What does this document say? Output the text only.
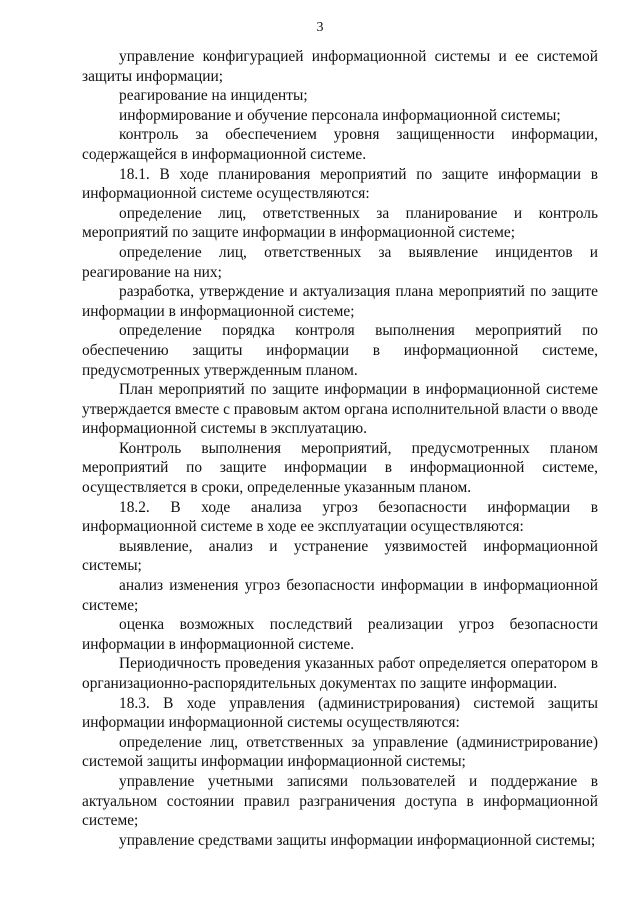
3

управление конфигурацией информационной системы и ее системой защиты информации;

реагирование на инциденты;

информирование и обучение персонала информационной системы;

контроль за обеспечением уровня защищенности информации, содержащейся в информационной системе.

18.1. В ходе планирования мероприятий по защите информации в информационной системе осуществляются:

определение лиц, ответственных за планирование и контроль мероприятий по защите информации в информационной системе;

определение лиц, ответственных за выявление инцидентов и реагирование на них;

разработка, утверждение и актуализация плана мероприятий по защите информации в информационной системе;

определение порядка контроля выполнения мероприятий по обеспечению защиты информации в информационной системе, предусмотренных утвержденным планом.

План мероприятий по защите информации в информационной системе утверждается вместе с правовым актом органа исполнительной власти о вводе информационной системы в эксплуатацию.

Контроль выполнения мероприятий, предусмотренных планом мероприятий по защите информации в информационной системе, осуществляется в сроки, определенные указанным планом.

18.2. В ходе анализа угроз безопасности информации в информационной системе в ходе ее эксплуатации осуществляются:

выявление, анализ и устранение уязвимостей информационной системы;

анализ изменения угроз безопасности информации в информационной системе;

оценка возможных последствий реализации угроз безопасности информации в информационной системе.

Периодичность проведения указанных работ определяется оператором в организационно-распорядительных документах по защите информации.

18.3. В ходе управления (администрирования) системой защиты информации информационной системы осуществляются:

определение лиц, ответственных за управление (администрирование) системой защиты информации информационной системы;

управление учетными записями пользователей и поддержание в актуальном состоянии правил разграничения доступа в информационной системе;

управление средствами защиты информации информационной системы;
